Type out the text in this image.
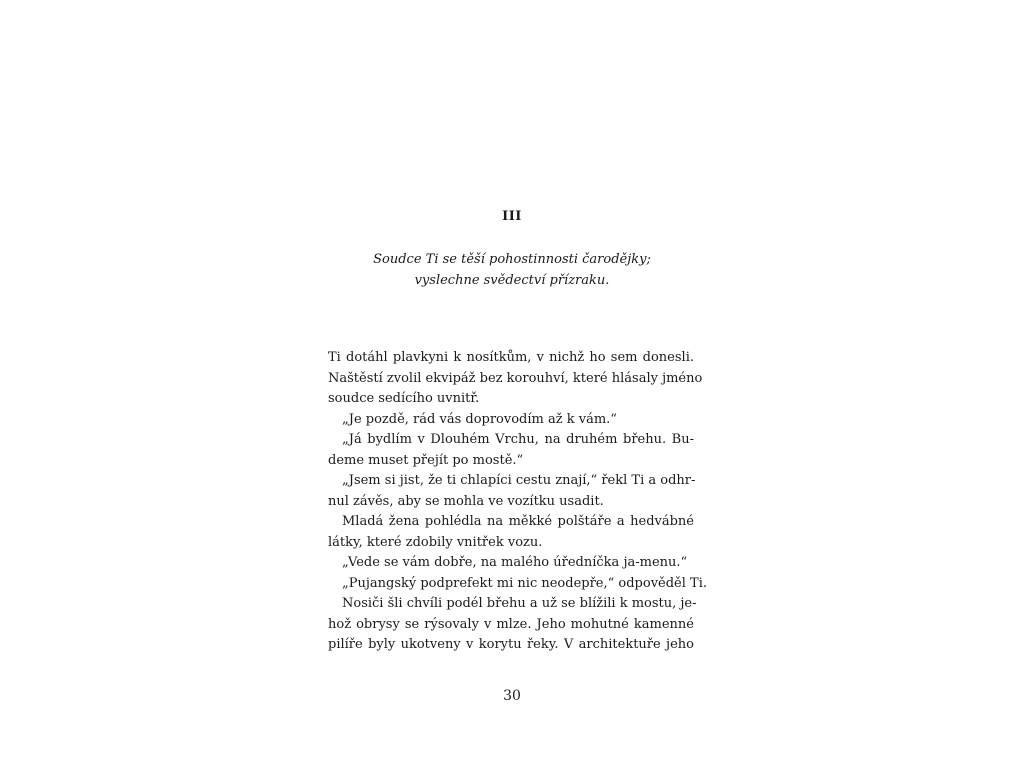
III
Soudce Ti se těší pohostinnosti čarodějky;
vyslechne svědectví přízraku.
Ti dotáhl plavkyni k nosítkům, v nichž ho sem donesli.
Naštěstí zvolil ekvipáž bez korouhví, které hlásaly jméno
soudce sedícího uvnitř.
„Je pozdě, rád vás doprovodím až k vám.“
„Já bydlím v Dlouhém Vrchu, na druhém břehu. Bu-
deme muset přejít po mostě.“
„Jsem si jist, že ti chlapíci cestu znají,“ řekl Ti a odhr-
nul závěs, aby se mohla ve vozítku usadit.
Mladá žena pohlédla na měkké polštáře a hedvábné
látky, které zdobily vnitřek vozu.
„Vede se vám dobře, na malého úředníčka ja-menu.“
„Pujangský podprefekt mi nic neodepře,“ odpověděl Ti.
Nosiči šli chvíli podél břehu a už se blížili k mostu, je-
hož obrysy se rýsovaly v mlze. Jeho mohutné kamenné
pilíře byly ukotveny v korytu řeky. V architektuře jeho
30
